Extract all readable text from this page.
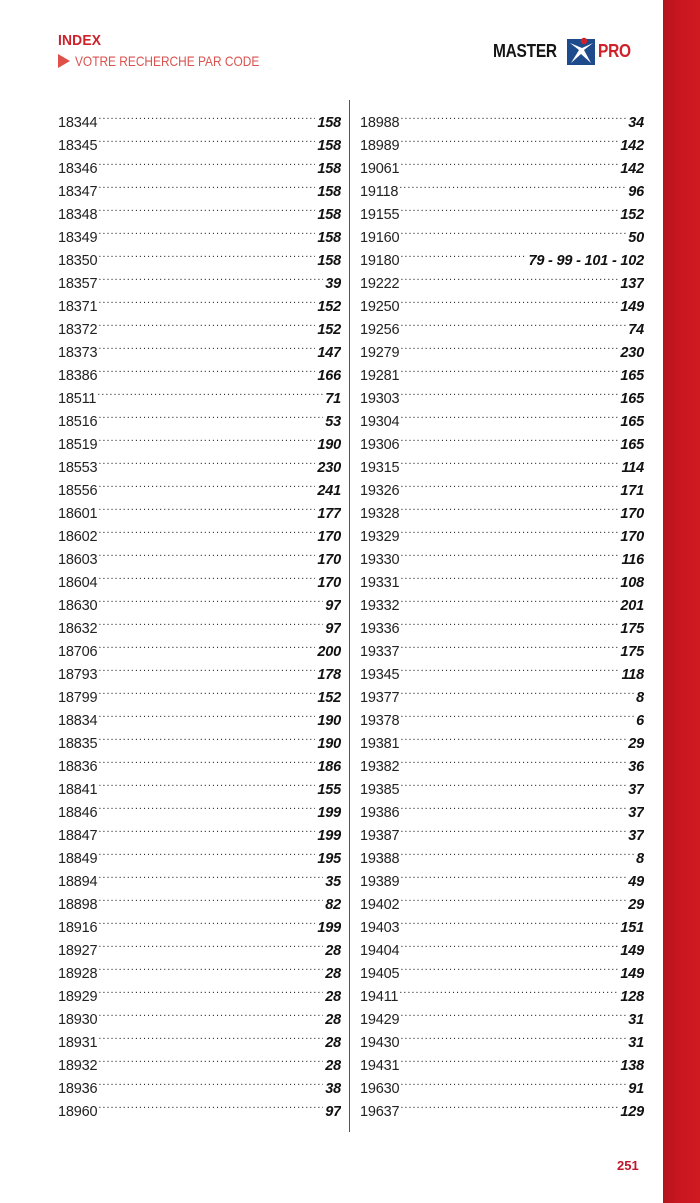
INDEX
VOTRE RECHERCHE PAR CODE
MASTER PRO
18344 .....	158
18345 .....	158
18346 .....	158
18347 .....	158
18348 .....	158
18349 .....	158
18350 .....	158
18357 .....	39
18371 .....	152
18372 .....	152
18373 .....	147
18386 .....	166
18511 .....	71
18516 .....	53
18519 .....	190
18553 .....	230
18556 .....	241
18601 .....	177
18602 .....	170
18603 .....	170
18604 .....	170
18630 .....	97
18632 .....	97
18706 .....	200
18793 .....	178
18799 .....	152
18834 .....	190
18835 .....	190
18836 .....	186
18841 .....	155
18846 .....	199
18847 .....	199
18849 .....	195
18894 .....	35
18898 .....	82
18916 .....	199
18927 .....	28
18928 .....	28
18929 .....	28
18930 .....	28
18931 .....	28
18932 .....	28
18936 .....	38
18960 .....	97
18988 .....	34
18989 .....	142
19061 .....	142
19118 .....	96
19155 .....	152
19160 .....	50
19180 .....	79 - 99 - 101 - 102
19222 .....	137
19250 .....	149
19256 .....	74
19279 .....	230
19281 .....	165
19303 .....	165
19304 .....	165
19306 .....	165
19315 .....	114
19326 .....	171
19328 .....	170
19329 .....	170
19330 .....	116
19331 .....	108
19332 .....	201
19336 .....	175
19337 .....	175
19345 .....	118
19377 .....	8
19378 .....	6
19381 .....	29
19382 .....	36
19385 .....	37
19386 .....	37
19387 .....	37
19388 .....	8
19389 .....	49
19402 .....	29
19403 .....	151
19404 .....	149
19405 .....	149
19411 .....	128
19429 .....	31
19430 .....	31
19431 .....	138
19630 .....	91
19637 .....	129
251
